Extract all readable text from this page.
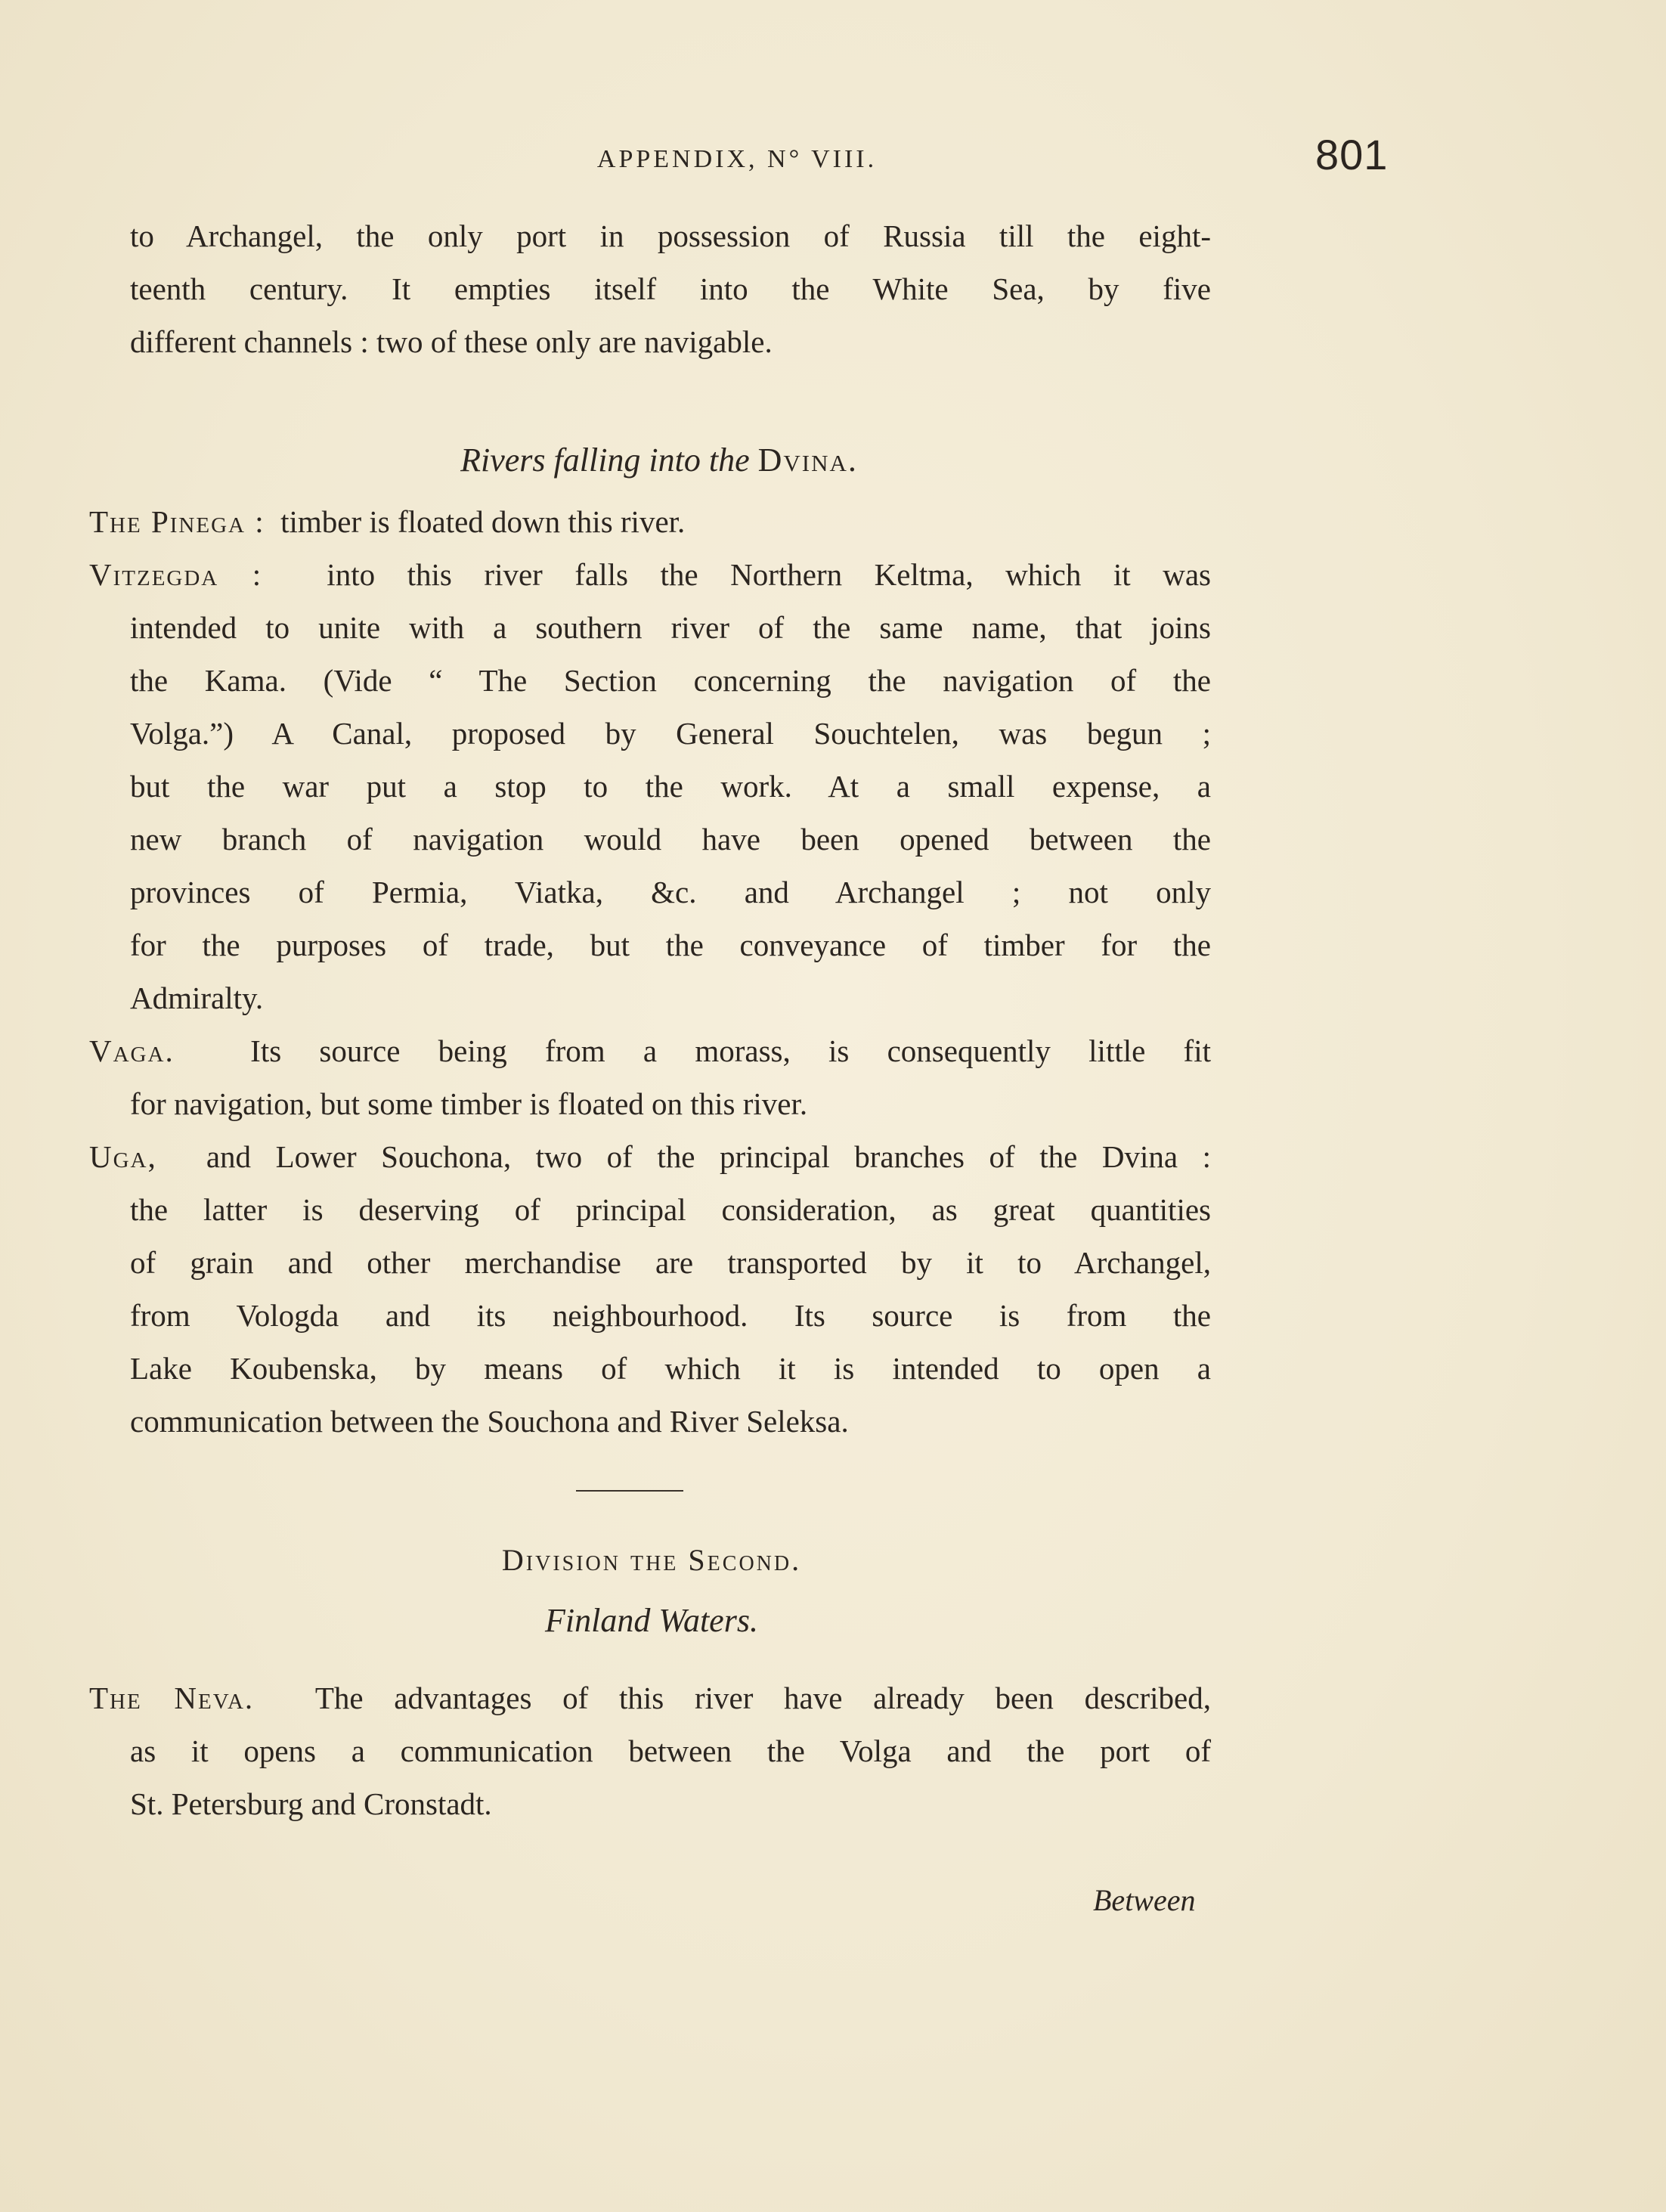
APPENDIX, N° VIII.	801
to Archangel, the only port in possession of Russia till the eight-
teenth century. It empties itself into the White Sea, by five
different channels : two of these only are navigable.
Rivers falling into the Dvina.
The Pinega : timber is floated down this river.
Vitzegda : into this river falls the Northern Keltma, which it was
intended to unite with a southern river of the same name, that joins
the Kama. (Vide “ The Section concerning the navigation of the
Volga.”) A Canal, proposed by General Souchtelen, was begun ;
but the war put a stop to the work. At a small expense, a
new branch of navigation would have been opened between the
provinces of Permia, Viatka, &c. and Archangel ; not only
for the purposes of trade, but the conveyance of timber for the
Admiralty.
Vaga. Its source being from a morass, is consequently little fit
for navigation, but some timber is floated on this river.
Uga, and Lower Souchona, two of the principal branches of the Dvina :
the latter is deserving of principal consideration, as great quantities
of grain and other merchandise are transported by it to Archangel,
from Vologda and its neighbourhood. Its source is from the
Lake Koubenska, by means of which it is intended to open a
communication between the Souchona and River Seleksa.
Division the Second.
Finland Waters.
The Neva. The advantages of this river have already been described,
as it opens a communication between the Volga and the port of
St. Petersburg and Cronstadt.
Between
